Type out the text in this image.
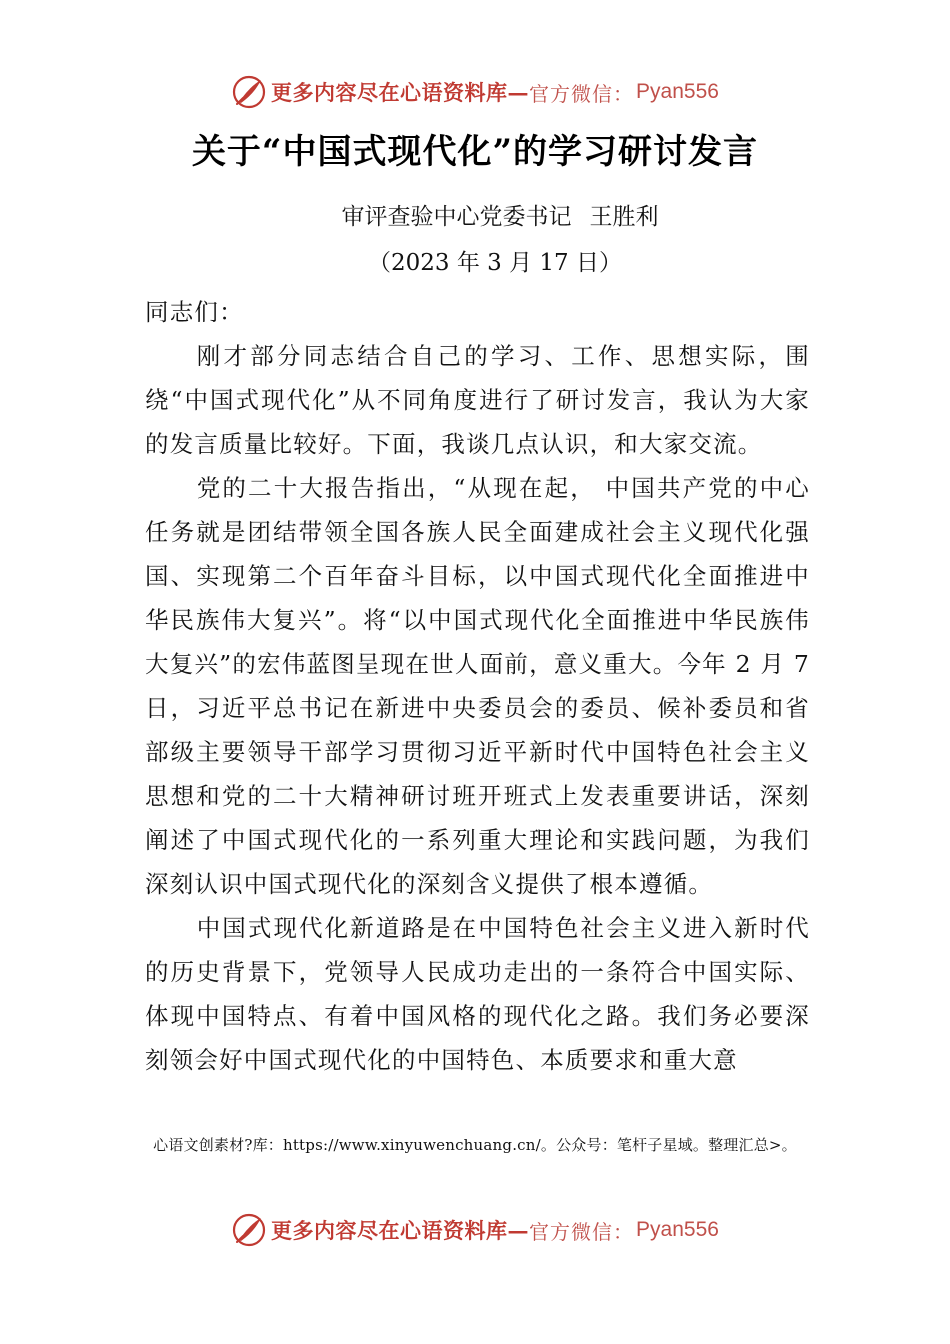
更多内容尽在心语资料库— 官方微信： Pyan556
关于“中国式现代化”的学习研讨发言
审评查验中心党委书记 王胜利
（2023 年 3 月 17 日）

同志们：

刚才部分同志结合自己的学习、工作、思想实际，围绕“中国式现代化”从不同角度进行了研讨发言，我认为大家的发言质量比较好。下面，我谈几点认识，和大家交流。

党的二十大报告指出，“从现在起， 中国共产党的中心任务就是团结带领全国各族人民全面建成社会主义现代化强国、实现第二个百年奋斗目标，以中国式现代化全面推进中华民族伟大复兴”。将“以中国式现代化全面推进中华民族伟大复兴”的宏伟蓝图呈现在世人面前，意义重大。今年 2 月 7 日，习近平总书记在新进中央委员会的委员、候补委员和省部级主要领导干部学习贯彻习近平新时代中国特色社会主义思想和党的二十大精神研讨班开班式上发表重要讲话，深刻阐述了中国式现代化的一系列重大理论和实践问题，为我们深刻认识中国式现代化的深刻含义提供了根本遵循。

中国式现代化新道路是在中国特色社会主义进入新时代的历史背景下，党领导人民成功走出的一条符合中国实际、体现中国特点、有着中国风格的现代化之路。我们务必要深刻领会好中国式现代化的中国特色、本质要求和重大意

心语文创素材?库：https://www.xinyuwenchuang.cn/。公众号：笔杆子星域。整理汇总>。
更多内容尽在心语资料库— 官方微信： Pyan556
